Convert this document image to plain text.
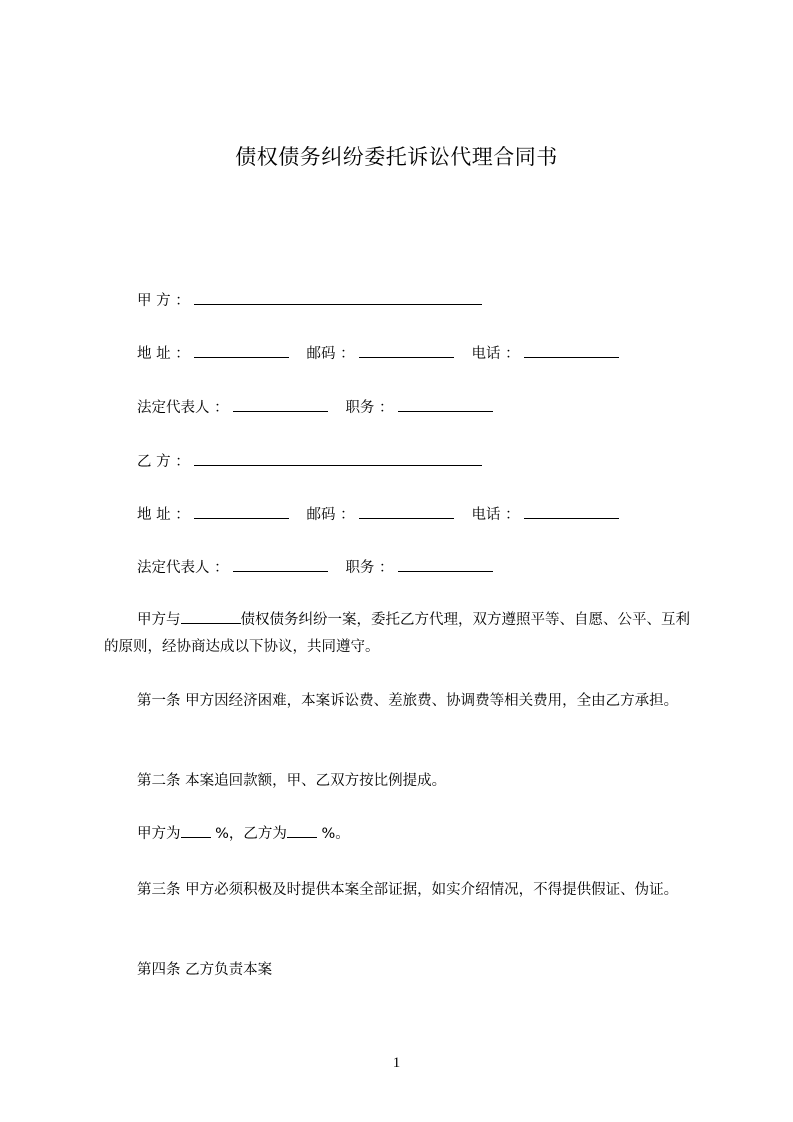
债权债务纠纷委托诉讼代理合同书
甲 方 ：
地 址 ：	邮码 ：	电话 ：
法定代表人 ：	职务 ：
乙 方 ：
地 址 ：	邮码 ：	电话 ：
法定代表人 ：	职务 ：
甲方与	债权债务纠纷一案，委托乙方代理，双方遵照平等、自愿、公平、互利的原则，经协商达成以下协议，共同遵守。
第一条 甲方因经济困难，本案诉讼费、差旅费、协调费等相关费用，全由乙方承担。
第二条 本案追回款额，甲、乙双方按比例提成。
甲方为 %，乙方为 %。
第三条 甲方必须积极及时提供本案全部证据，如实介绍情况，不得提供假证、伪证。
第四条 乙方负责本案
1
